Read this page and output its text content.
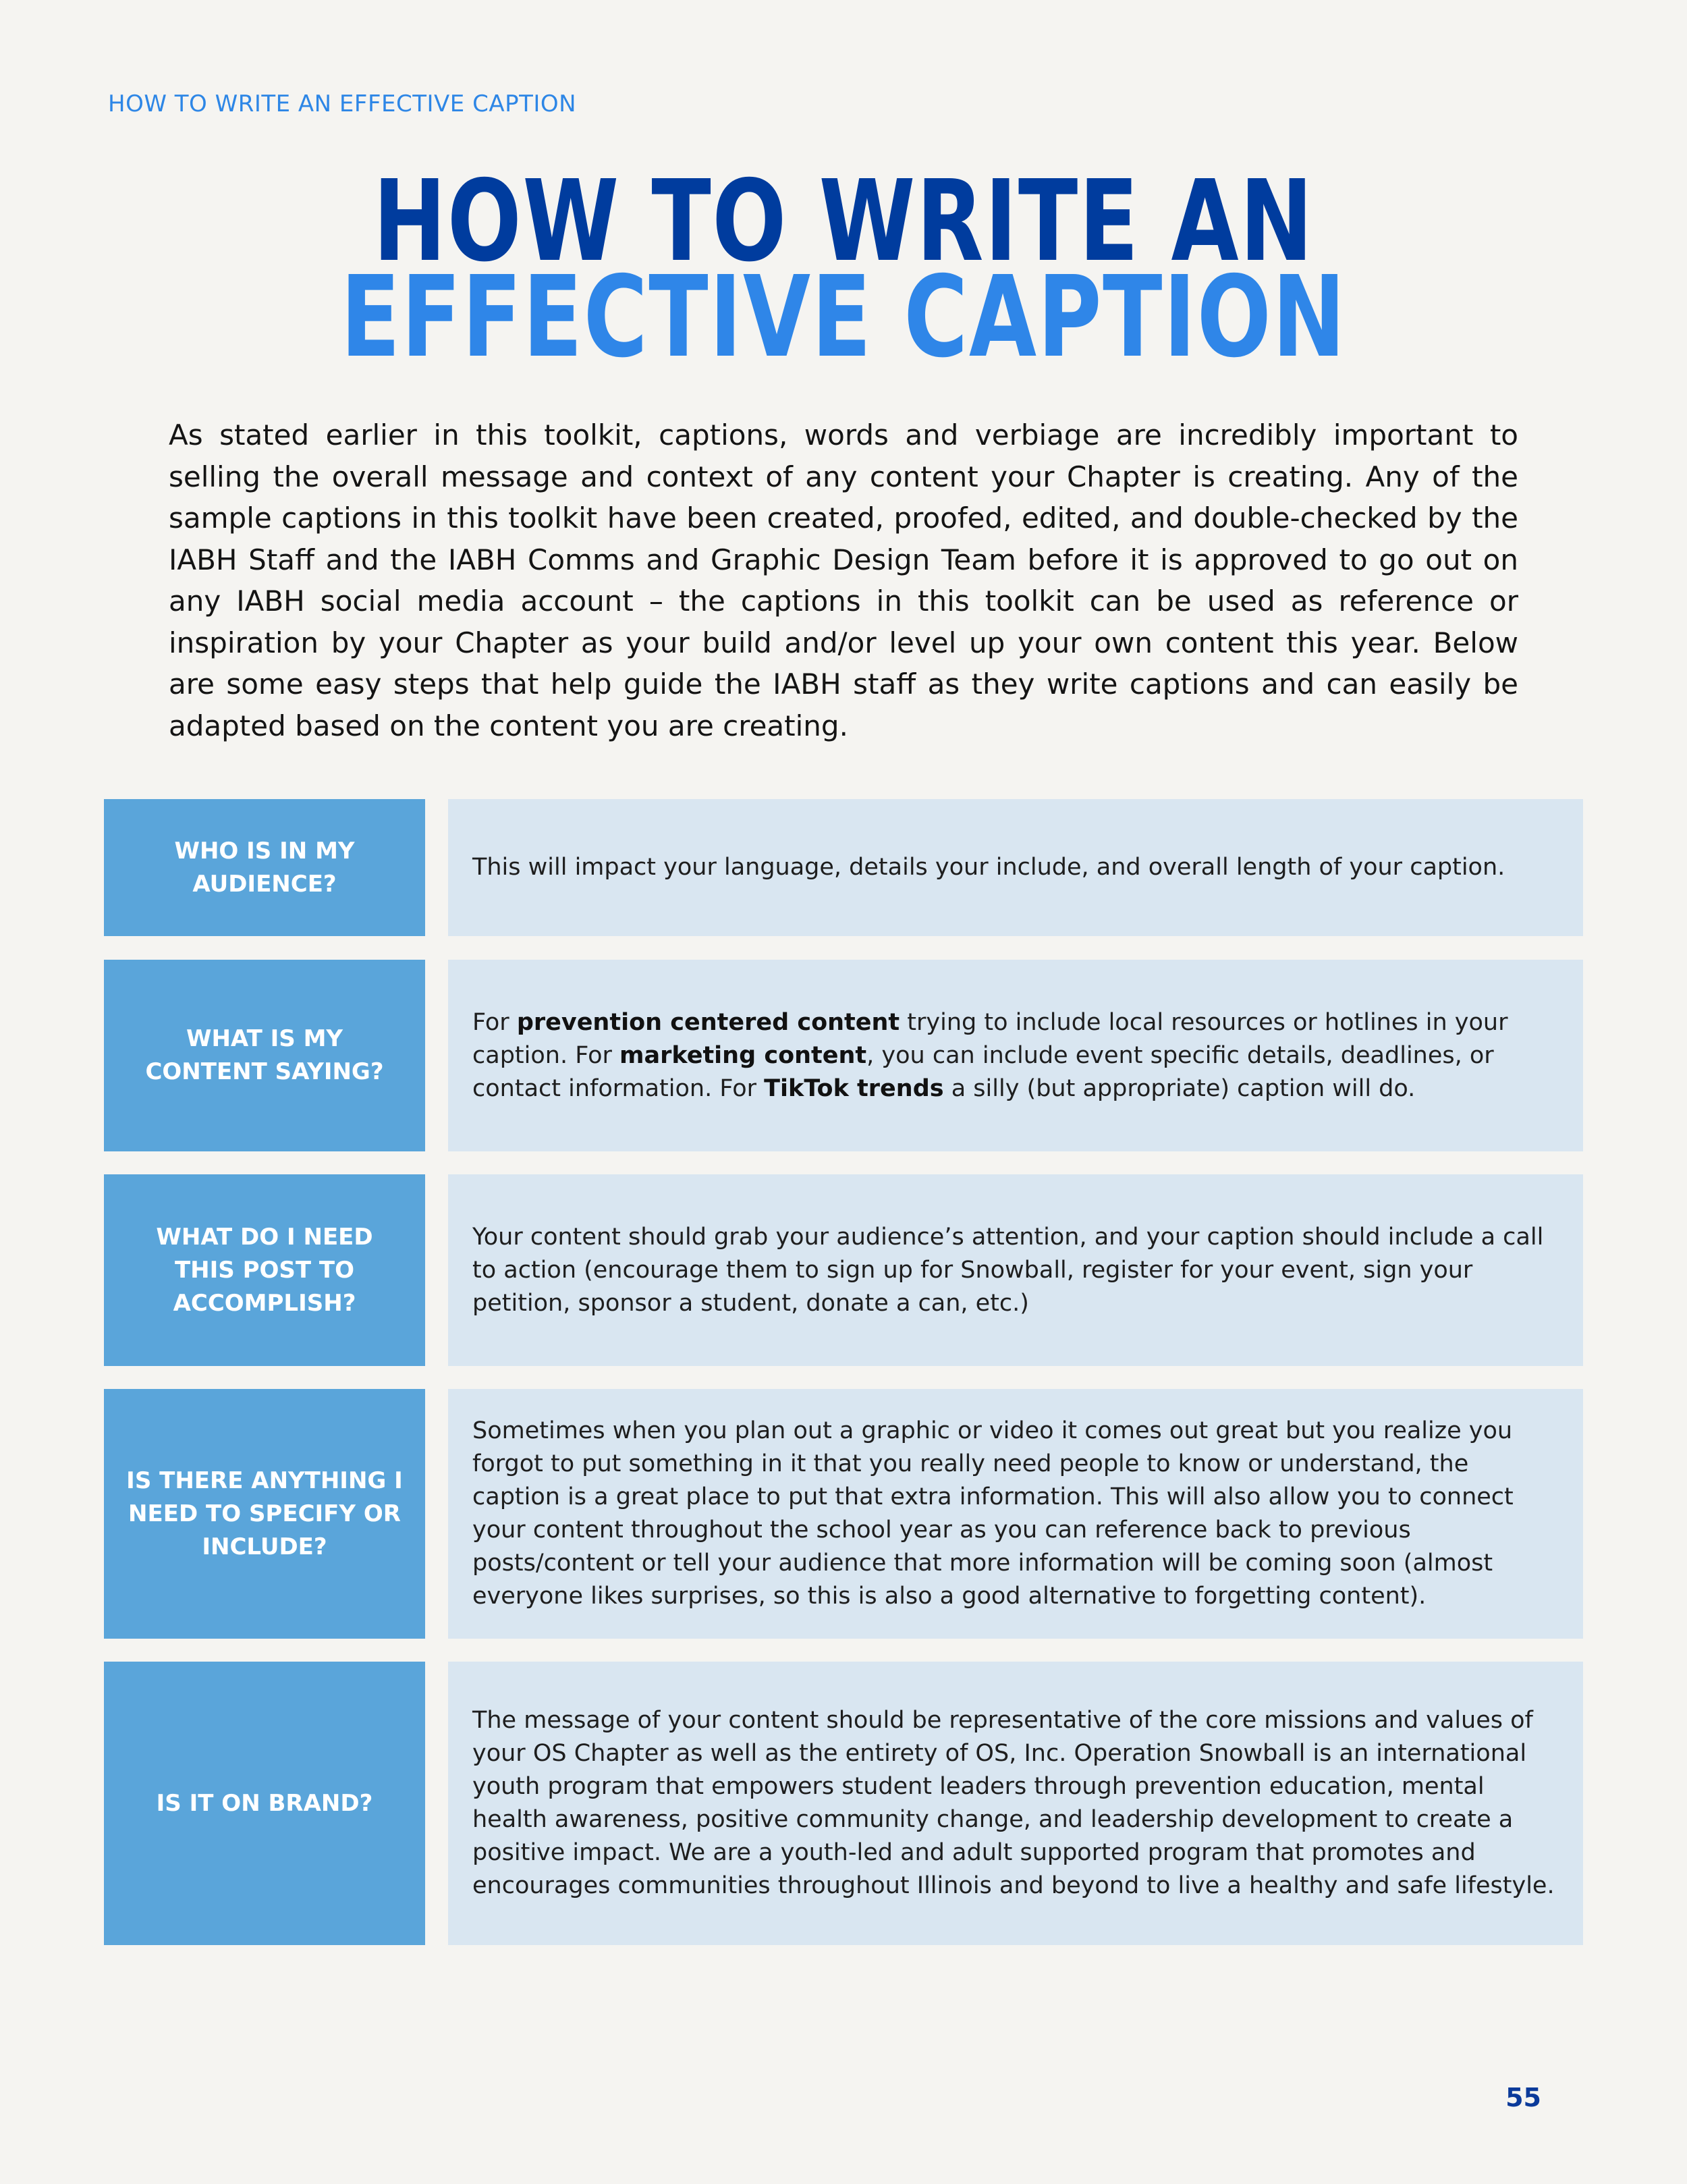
HOW TO WRITE AN EFFECTIVE CAPTION
HOW TO WRITE AN
EFFECTIVE CAPTION
As stated earlier in this toolkit, captions, words and verbiage are incredibly important to selling the overall message and context of any content your Chapter is creating. Any of the sample captions in this toolkit have been created, proofed, edited, and double-checked by the IABH Staff and the IABH Comms and Graphic Design Team before it is approved to go out on any IABH social media account – the captions in this toolkit can be used as reference or inspiration by your Chapter as your build and/or level up your own content this year. Below are some easy steps that help guide the IABH staff as they write captions and can easily be adapted based on the content you are creating.
WHO IS IN MY AUDIENCE?
This will impact your language, details your include, and overall length of your caption.
WHAT IS MY CONTENT SAYING?
For prevention centered content trying to include local resources or hotlines in your caption. For marketing content, you can include event specific details, deadlines, or contact information. For TikTok trends a silly (but appropriate) caption will do.
WHAT DO I NEED THIS POST TO ACCOMPLISH?
Your content should grab your audience’s attention, and your caption should include a call to action (encourage them to sign up for Snowball, register for your event, sign your petition, sponsor a student, donate a can, etc.)
IS THERE ANYTHING I NEED TO SPECIFY OR INCLUDE?
Sometimes when you plan out a graphic or video it comes out great but you realize you forgot to put something in it that you really need people to know or understand, the caption is a great place to put that extra information. This will also allow you to connect your content throughout the school year as you can reference back to previous posts/content or tell your audience that more information will be coming soon (almost everyone likes surprises, so this is also a good alternative to forgetting content).
IS IT ON BRAND?
The message of your content should be representative of the core missions and values of your OS Chapter as well as the entirety of OS, Inc. Operation Snowball is an international youth program that empowers student leaders through prevention education, mental health awareness, positive community change, and leadership development to create a positive impact. We are a youth-led and adult supported program that promotes and encourages communities throughout Illinois and beyond to live a healthy and safe lifestyle.
55
